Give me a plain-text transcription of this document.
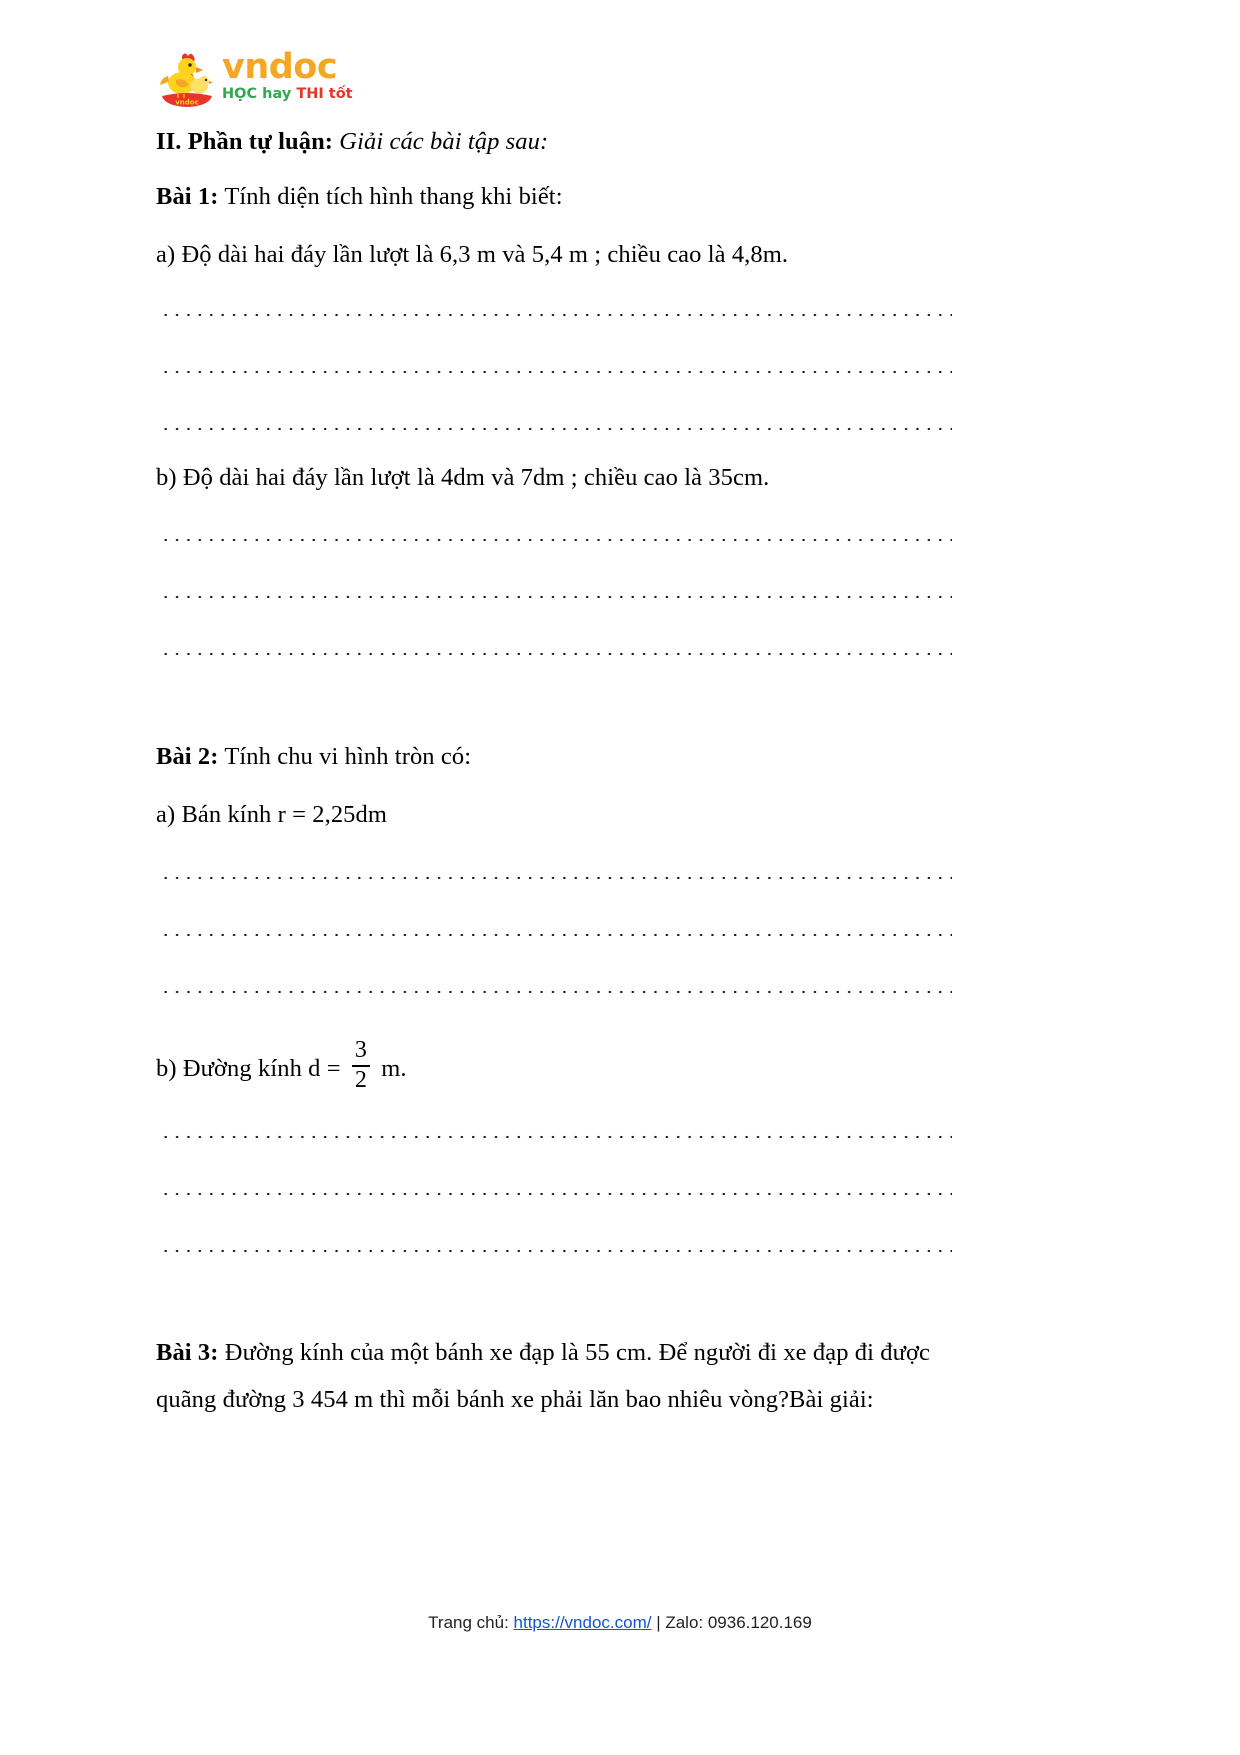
vndoc
vndoc
HỌC hay THI tốt
II. Phần tự luận: Giải các bài tập sau:
Bài 1: Tính diện tích hình thang khi biết:
a) Độ dài hai đáy lần lượt là 6,3 m và 5,4 m ; chiều cao là 4,8m.
b) Độ dài hai đáy lần lượt là 4dm và 7dm ; chiều cao là 35cm.
Bài 2: Tính chu vi hình tròn có:
a) Bán kính r = 2,25dm
b) Đường kính $d = \frac{3}{2} m$.
Bài 3: Đường kính của một bánh xe đạp là 55 cm. Để người đi xe đạp đi được
quãng đường 3 454 m thì mỗi bánh xe phải lăn bao nhiêu vòng?Bài giải:
Trang chủ: https://vndoc.com/ | Zalo: 0936.120.169
